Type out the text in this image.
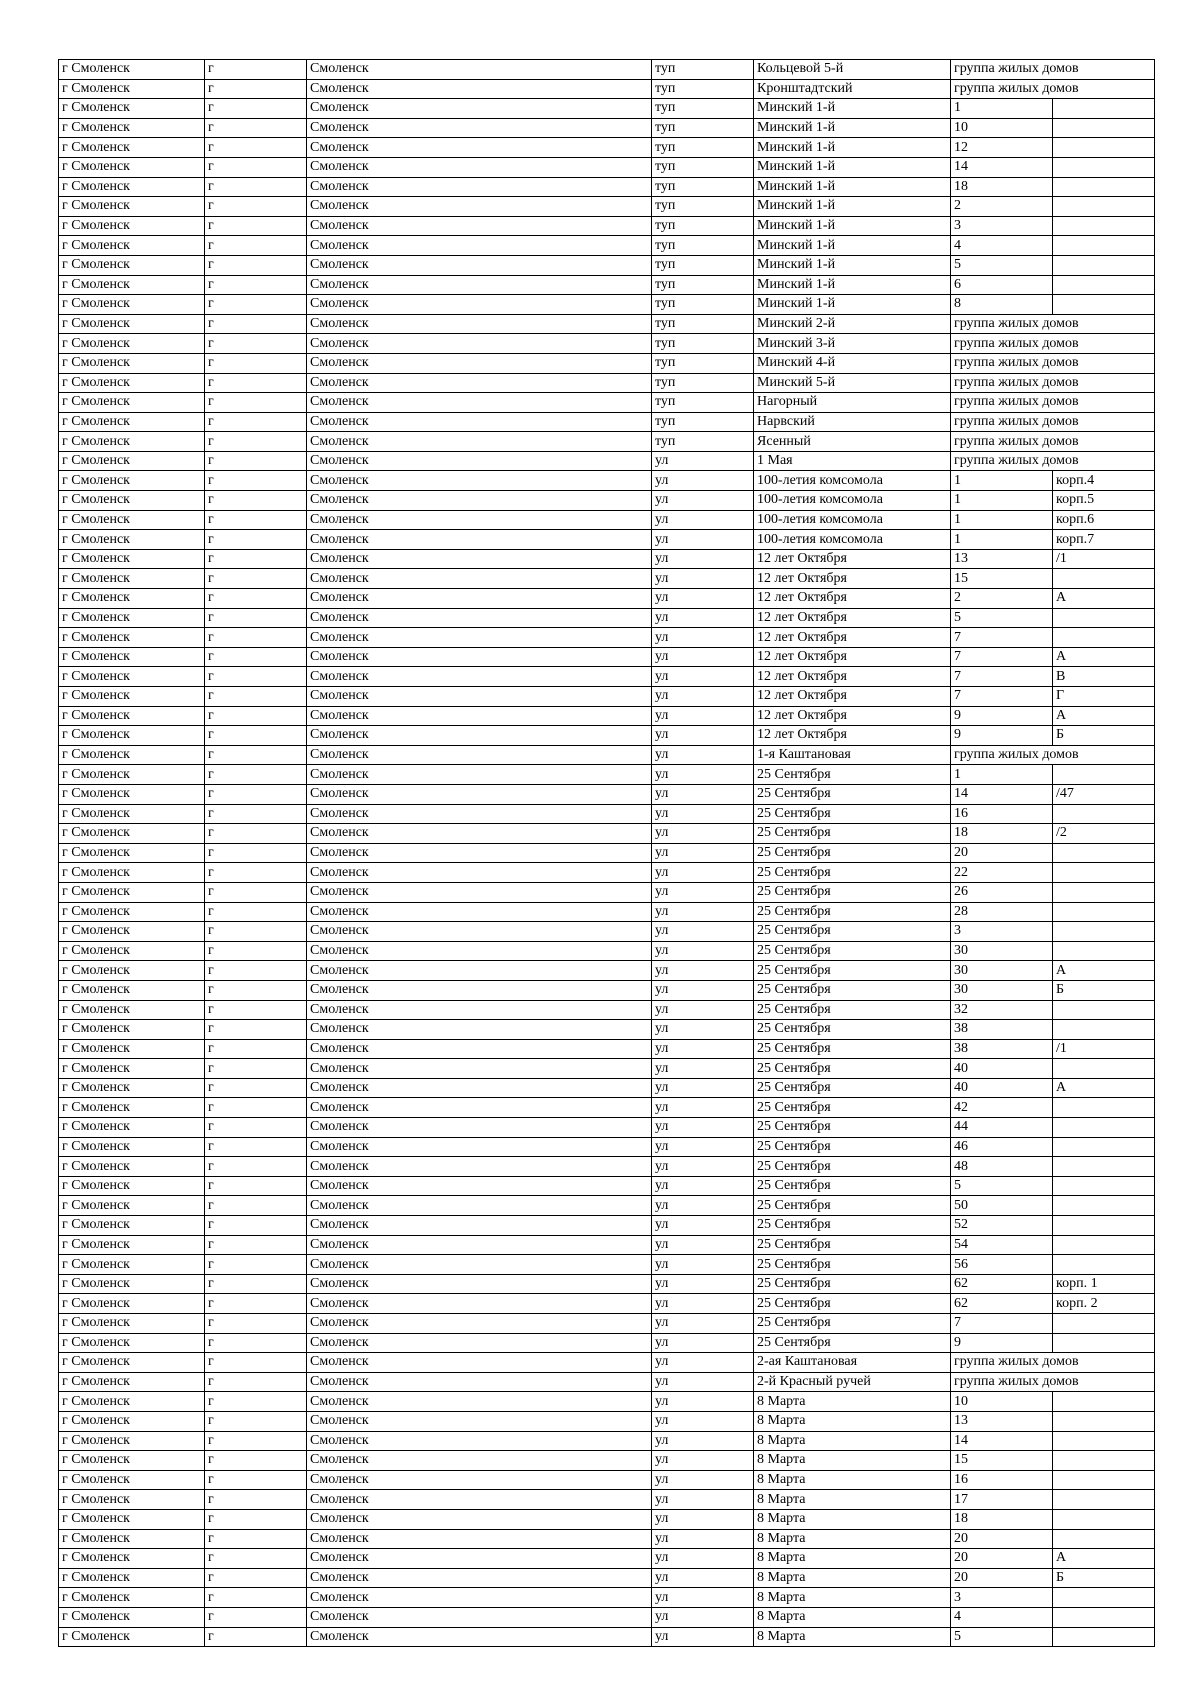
г Смоленск	г	Смоленск	туп	Кольцевой 5-й	группа жилых домов	
г Смоленск	г	Смоленск	туп	Кронштадтский	группа жилых домов	
г Смоленск	г	Смоленск	туп	Минский 1-й	1	
г Смоленск	г	Смоленск	туп	Минский 1-й	10	
г Смоленск	г	Смоленск	туп	Минский 1-й	12	
г Смоленск	г	Смоленск	туп	Минский 1-й	14	
г Смоленск	г	Смоленск	туп	Минский 1-й	18	
г Смоленск	г	Смоленск	туп	Минский 1-й	2	
г Смоленск	г	Смоленск	туп	Минский 1-й	3	
г Смоленск	г	Смоленск	туп	Минский 1-й	4	
г Смоленск	г	Смоленск	туп	Минский 1-й	5	
г Смоленск	г	Смоленск	туп	Минский 1-й	6	
г Смоленск	г	Смоленск	туп	Минский 1-й	8	
г Смоленск	г	Смоленск	туп	Минский 2-й	группа жилых домов	
г Смоленск	г	Смоленск	туп	Минский 3-й	группа жилых домов	
г Смоленск	г	Смоленск	туп	Минский 4-й	группа жилых домов	
г Смоленск	г	Смоленск	туп	Минский 5-й	группа жилых домов	
г Смоленск	г	Смоленск	туп	Нагорный	группа жилых домов	
г Смоленск	г	Смоленск	туп	Нарвский	группа жилых домов	
г Смоленск	г	Смоленск	туп	Ясенный	группа жилых домов	
г Смоленск	г	Смоленск	ул	1 Мая	группа жилых домов	
г Смоленск	г	Смоленск	ул	100-летия комсомола	1	корп.4
г Смоленск	г	Смоленск	ул	100-летия комсомола	1	корп.5
г Смоленск	г	Смоленск	ул	100-летия комсомола	1	корп.6
г Смоленск	г	Смоленск	ул	100-летия комсомола	1	корп.7
г Смоленск	г	Смоленск	ул	12 лет Октября	13	/1
г Смоленск	г	Смоленск	ул	12 лет Октября	15	
г Смоленск	г	Смоленск	ул	12 лет Октября	2	А
г Смоленск	г	Смоленск	ул	12 лет Октября	5	
г Смоленск	г	Смоленск	ул	12 лет Октября	7	
г Смоленск	г	Смоленск	ул	12 лет Октября	7	А
г Смоленск	г	Смоленск	ул	12 лет Октября	7	В
г Смоленск	г	Смоленск	ул	12 лет Октября	7	Г
г Смоленск	г	Смоленск	ул	12 лет Октября	9	А
г Смоленск	г	Смоленск	ул	12 лет Октября	9	Б
г Смоленск	г	Смоленск	ул	1-я Каштановая	группа жилых домов	
г Смоленск	г	Смоленск	ул	25 Сентября	1	
г Смоленск	г	Смоленск	ул	25 Сентября	14	/47
г Смоленск	г	Смоленск	ул	25 Сентября	16	
г Смоленск	г	Смоленск	ул	25 Сентября	18	/2
г Смоленск	г	Смоленск	ул	25 Сентября	20	
г Смоленск	г	Смоленск	ул	25 Сентября	22	
г Смоленск	г	Смоленск	ул	25 Сентября	26	
г Смоленск	г	Смоленск	ул	25 Сентября	28	
г Смоленск	г	Смоленск	ул	25 Сентября	3	
г Смоленск	г	Смоленск	ул	25 Сентября	30	
г Смоленск	г	Смоленск	ул	25 Сентября	30	А
г Смоленск	г	Смоленск	ул	25 Сентября	30	Б
г Смоленск	г	Смоленск	ул	25 Сентября	32	
г Смоленск	г	Смоленск	ул	25 Сентября	38	
г Смоленск	г	Смоленск	ул	25 Сентября	38	/1
г Смоленск	г	Смоленск	ул	25 Сентября	40	
г Смоленск	г	Смоленск	ул	25 Сентября	40	А
г Смоленск	г	Смоленск	ул	25 Сентября	42	
г Смоленск	г	Смоленск	ул	25 Сентября	44	
г Смоленск	г	Смоленск	ул	25 Сентября	46	
г Смоленск	г	Смоленск	ул	25 Сентября	48	
г Смоленск	г	Смоленск	ул	25 Сентября	5	
г Смоленск	г	Смоленск	ул	25 Сентября	50	
г Смоленск	г	Смоленск	ул	25 Сентября	52	
г Смоленск	г	Смоленск	ул	25 Сентября	54	
г Смоленск	г	Смоленск	ул	25 Сентября	56	
г Смоленск	г	Смоленск	ул	25 Сентября	62	корп. 1
г Смоленск	г	Смоленск	ул	25 Сентября	62	корп. 2
г Смоленск	г	Смоленск	ул	25 Сентября	7	
г Смоленск	г	Смоленск	ул	25 Сентября	9	
г Смоленск	г	Смоленск	ул	2-ая Каштановая	группа жилых домов	
г Смоленск	г	Смоленск	ул	2-й Красный ручей	группа жилых домов	
г Смоленск	г	Смоленск	ул	8 Марта	10	
г Смоленск	г	Смоленск	ул	8 Марта	13	
г Смоленск	г	Смоленск	ул	8 Марта	14	
г Смоленск	г	Смоленск	ул	8 Марта	15	
г Смоленск	г	Смоленск	ул	8 Марта	16	
г Смоленск	г	Смоленск	ул	8 Марта	17	
г Смоленск	г	Смоленск	ул	8 Марта	18	
г Смоленск	г	Смоленск	ул	8 Марта	20	
г Смоленск	г	Смоленск	ул	8 Марта	20	А
г Смоленск	г	Смоленск	ул	8 Марта	20	Б
г Смоленск	г	Смоленск	ул	8 Марта	3	
г Смоленск	г	Смоленск	ул	8 Марта	4	
г Смоленск	г	Смоленск	ул	8 Марта	5	
